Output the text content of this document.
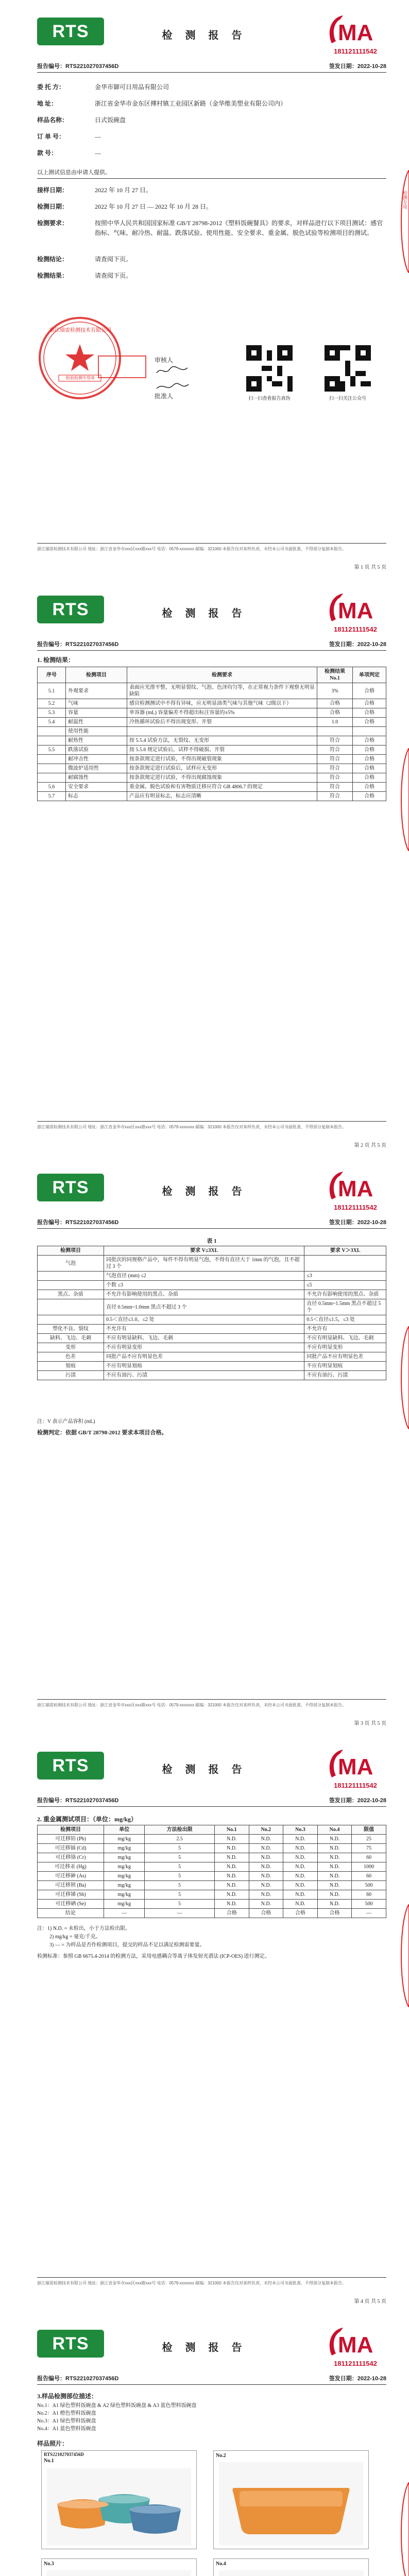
RTS	检 测 报 告	MA
181121111542
报告编号：RTS221027037456D	签发日期：2022-10-28
委 托 方：	金华市御可日用品有限公司
地 址：	浙江省金华市金东区傅村镇工业园区新路（金华维美塑业有限公司内）
样品名称：	日式饭碗盘
订 单 号：	—
款 号：	—
以上测试信息由申请人提供。
接样日期：	2022 年 10 月 27 日。
检测日期：	2022 年 10 月 27 日 — 2022 年 10 月 28 日。
检测要求：	按照中华人民共和国国家标准 GB/T 28798-2012《塑料饭碗餐具》的要求，对样品进行以下项目测试：感官指标、气味、耐冷热、耐温、跌落试验、使用性能、安全要求、重金属、脱色试验等检测项目的测试。
检测结论：	请查阅下页。
检测结果：	请查阅下页。
浙江瑞雷检测技术有限公司
检验检测专用章
审核人
批准人	扫一扫查看报告真伪	扫一扫关注公众号
浙江瑞雷检测技术有限公司 地址：浙江省金华市xxx区xxx路xxx号 电话：0579-xxxxxxx 邮编：321000 本报告仅对来样负责，未经本公司书面批准，不得部分复制本报告。
第 1 页 共 5 页
检测专用
RTS	检 测 报 告	MA
181121111542
报告编号：RTS221027037456D	签发日期：2022-10-28
1. 检测结果：
序号	检测项目	检测要求	检测结果 No.1	单项判定
5.1	外观要求	表面应光滑平整，无明显裂纹、气泡、色泽均匀等，在正常视力条件下观察无明显缺陷	3%	合格
5.2	气味	感官检测测试中不得有异味，应无明显油类气味与其他气味（2级以下）	合格	合格
5.3	容量	单容器 (mL) 容量偏差不得超出标注容量的±5%	合格	合格
5.4	耐温性	冷热循环试验后不得出现变形、开裂	1.0	合格
	使用性能			
	耐热性	按 5.5.4 试验方法，无裂纹、无变形	符合	合格
5.5	跌落试验	按 5.5.6 规定试验后，试样不得破损、开裂	符合	合格
	耐冲击性	按条款规定进行试验，不得出现破裂现象	符合	合格
	微波炉适用性	按条款规定进行试验后，试样应无变形	符合	合格
	耐腐蚀性	按条款规定进行试验，不得出现腐蚀现象	符合	合格
5.6	安全要求	重金属、脱色试验和有害物质迁移应符合 GB 4806.7 的规定	符合	合格
5.7	标志	产品应有明显标志，标志应清晰	符合	合格
浙江瑞雷检测技术有限公司 地址：浙江省金华市xxx区xxx路xxx号 电话：0579-xxxxxxx 邮编：321000 本报告仅对来样负责，未经本公司书面批准，不得部分复制本报告。
第 2 页 共 5 页
RTS	检 测 报 告	MA
181121111542
报告编号：RTS221027037456D	签发日期：2022-10-28
表 1
检测项目	要求 V≤3XL	要求 V＞3XL
气泡	同批次的同规格产品中，每件不得有明显气泡，不得有直径大于 1mm 的气泡，且不超过 3 个	
	气泡直径 (mm) ≤2	≤3
	个数 ≤3	≤5
黑点、杂质	不允许有影响使用的黑点、杂质	不允许有影响使用的黑点、杂质
	直径 0.5mm~1.0mm 黑点不超过 3 个	直径 0.5mm~1.5mm 黑点不超过 5 个
	0.5＜直径≤1.0，≤2 处	0.5＜直径≤1.5，≤3 处
塑化不良、裂纹	不允许有	不允许有
缺料、飞边、毛刺	不应有明显缺料、飞边、毛刺	不应有明显缺料、飞边、毛刺
变形	不应有明显变形	不应有明显变形
色差	同批产品不应有明显色差	同批产品不应有明显色差
划痕	不应有明显划痕	不应有明显划痕
污渍	不应有油污、污渍	不应有油污、污渍
注：V 表示产品容积 (mL)
检测判定：依据 GB/T 28798-2012 要求本项目合格。
浙江瑞雷检测技术有限公司 地址：浙江省金华市xxx区xxx路xxx号 电话：0579-xxxxxxx 邮编：321000 本报告仅对来样负责，未经本公司书面批准，不得部分复制本报告。
第 3 页 共 5 页
RTS	检 测 报 告	MA
181121111542
报告编号：RTS221027037456D	签发日期：2022-10-28
2. 重金属测试项目：（单位：mg/kg）
检测项目	单位	方法检出限	No.1	No.2	No.3	No.4	限值
可迁移铅 (Pb)	mg/kg	2.5	N.D.	N.D.	N.D.	N.D.	25
可迁移镉 (Cd)	mg/kg	5	N.D.	N.D.	N.D.	N.D.	75
可迁移铬 (Cr)	mg/kg	5	N.D.	N.D.	N.D.	N.D.	60
可迁移汞 (Hg)	mg/kg	5	N.D.	N.D.	N.D.	N.D.	1000
可迁移砷 (As)	mg/kg	5	N.D.	N.D.	N.D.	N.D.	60
可迁移钡 (Ba)	mg/kg	5	N.D.	N.D.	N.D.	N.D.	500
可迁移锑 (Sb)	mg/kg	5	N.D.	N.D.	N.D.	N.D.	60
可迁移硒 (Se)	mg/kg	5	N.D.	N.D.	N.D.	N.D.	500
结论	—	—	合格	合格	合格	合格	—
注：1) N.D. = 未检出，小于方法检出限。
2) mg/kg = 毫克/千克。
3) — = 为样品是否作检测项目，提交的样品不足以满足检测需要量。
检测标准：参照 GB 6675.4-2014 的检测方法，采用电感耦合等离子体发射光谱法 (ICP-OES) 进行测定。
浙江瑞雷检测技术有限公司 地址：浙江省金华市xxx区xxx路xxx号 电话：0579-xxxxxxx 邮编：321000 本报告仅对来样负责，未经本公司书面批准，不得部分复制本报告。
第 4 页 共 5 页
RTS	检 测 报 告	MA
181121111542
报告编号：RTS221027037456D	签发日期：2022-10-28
3.样品检测部位描述：
No.1：A1 绿色塑料饭碗盘 & A2 绿色塑料饭碗盘 & A3 蓝色塑料饭碗盘
No.2：A1 橙色塑料饭碗盘
No.3：A1 绿色塑料饭碗盘
No.4：A1 蓝色塑料饭碗盘
样品照片：
RTS221027037456D
No.1
No.2
No.3	No.4
